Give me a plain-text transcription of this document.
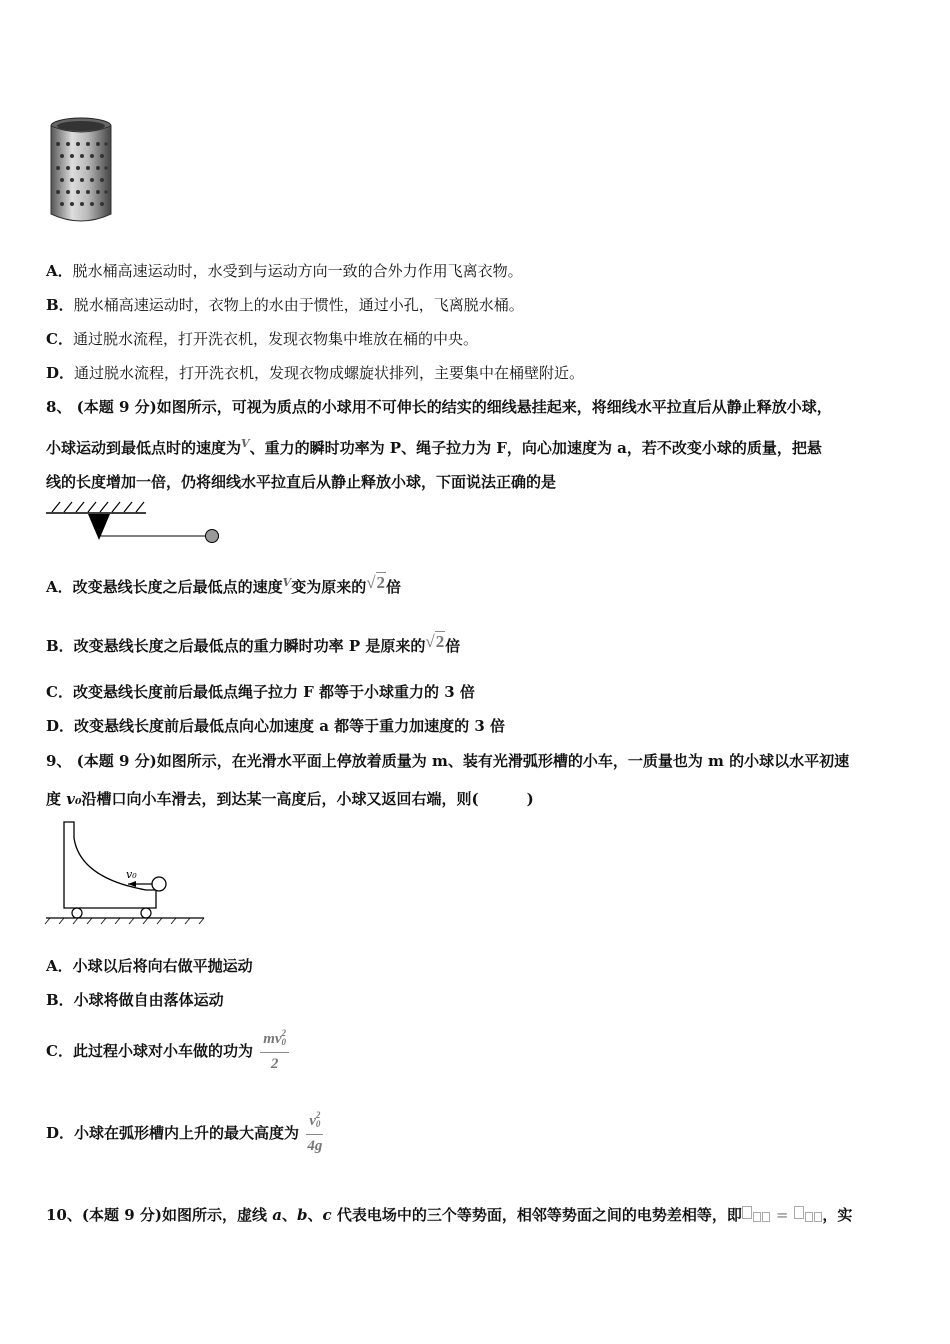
A．脱水桶高速运动时，水受到与运动方向一致的合外力作用飞离衣物。
B．脱水桶高速运动时，衣物上的水由于惯性，通过小孔，飞离脱水桶。
C．通过脱水流程，打开洗衣机，发现衣物集中堆放在桶的中央。
D．通过脱水流程，打开洗衣机，发现衣物成螺旋状排列，主要集中在桶壁附近。
8、 (本题 9 分)如图所示，可视为质点的小球用不可伸长的结实的细线悬挂起来，将细线水平拉直后从静止释放小球，
小球运动到最低点时的速度为$^V$、重力的瞬时功率为 P、绳子拉力为 F，向心加速度为 a，若不改变小球的质量，把悬
线的长度增加一倍，仍将细线水平拉直后从静止释放小球，下面说法正确的是
A．改变悬线长度之后最低点的速度$^V$变为原来的√2倍
B．改变悬线长度之后最低点的重力瞬时功率 P 是原来的√2倍
C．改变悬线长度前后最低点绳子拉力 F 都等于小球重力的 3 倍
D．改变悬线长度前后最低点向心加速度 a 都等于重力加速度的 3 倍
9、 (本题 9 分)如图所示，在光滑水平面上停放着质量为 m、装有光滑弧形槽的小车，一质量也为 m 的小球以水平初速
度 v₀沿槽口向小车滑去，到达某一高度后，小球又返回右端，则(	)
v₀
A．小球以后将向右做平抛运动
B．小球将做自由落体运动
C．此过程小球对小车做的功为 mv 2
$_0$
2
D．小球在弧形槽内上升的最大高度为 v 2
$_0$
4g
10、(本题 9 分)如图所示，虚线 a、b、c 代表电场中的三个等势面，相邻等势面之间的电势差相等，即 = ，实
